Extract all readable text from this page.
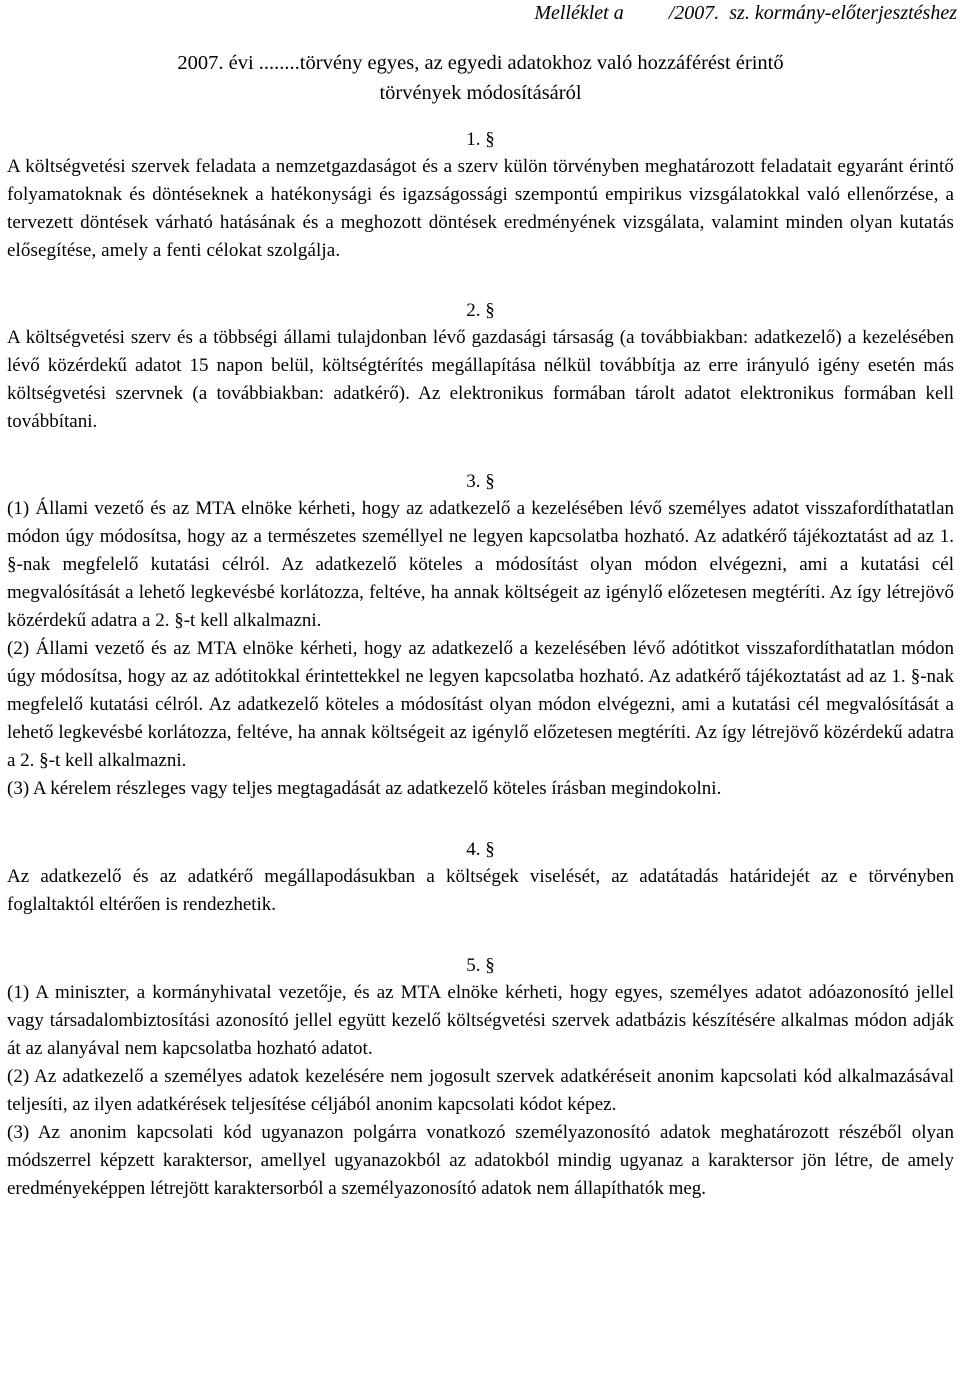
Melléklet a         /2007.  sz. kormány-előterjesztéshez
2007. évi ........törvény egyes, az egyedi adatokhoz való hozzáférést érintő
törvények módosításáról
1. §

A költségvetési szervek feladata a nemzetgazdaságot és a szerv külön törvényben meghatározott feladatait egyaránt érintő folyamatoknak és döntéseknek a hatékonysági és igazságossági szempontú empirikus vizsgálatokkal való ellenőrzése, a tervezett döntések várható hatásának és a meghozott döntések eredményének vizsgálata, valamint minden olyan kutatás elősegítése, amely a fenti célokat szolgálja.

2. §

A költségvetési szerv és a többségi állami tulajdonban lévő gazdasági társaság (a továbbiakban: adatkezelő) a kezelésében lévő közérdekű adatot 15 napon belül, költségtérítés megállapítása nélkül továbbítja az erre irányuló igény esetén más költségvetési szervnek (a továbbiakban: adatkérő). Az elektronikus formában tárolt adatot elektronikus formában kell továbbítani.

3. §

(1) Állami vezető és az MTA elnöke kérheti, hogy az adatkezelő a kezelésében lévő személyes adatot visszafordíthatatlan módon úgy módosítsa, hogy az a természetes személlyel ne legyen kapcsolatba hozható. Az adatkérő tájékoztatást ad az 1. §-nak megfelelő kutatási célról. Az adatkezelő köteles a módosítást olyan módon elvégezni, ami a kutatási cél megvalósítását a lehető legkevésbé korlátozza, feltéve, ha annak költségeit az igénylő előzetesen megtéríti. Az így létrejövő közérdekű adatra a 2. §-t kell alkalmazni.

(2) Állami vezető és az MTA elnöke kérheti, hogy az adatkezelő a kezelésében lévő adótitkot visszafordíthatatlan módon úgy módosítsa, hogy az az adótitokkal érintettekkel ne legyen kapcsolatba hozható. Az adatkérő tájékoztatást ad az 1. §-nak megfelelő kutatási célról. Az adatkezelő köteles a módosítást olyan módon elvégezni, ami a kutatási cél megvalósítását a lehető legkevésbé korlátozza, feltéve, ha annak költségeit az igénylő előzetesen megtéríti. Az így létrejövő közérdekű adatra a 2. §-t kell alkalmazni.

(3) A kérelem részleges vagy teljes megtagadását az adatkezelő köteles írásban megindokolni.

4. §

Az adatkezelő és az adatkérő megállapodásukban a költségek viselését, az adatátadás határidejét az e törvényben foglaltaktól eltérően is rendezhetik.

5. §

(1) A miniszter, a kormányhivatal vezetője, és az MTA elnöke kérheti, hogy egyes, személyes adatot adóazonosító jellel vagy társadalombiztosítási azonosító jellel együtt kezelő költségvetési szervek adatbázis készítésére alkalmas módon adják át az alanyával nem kapcsolatba hozható adatot.

(2) Az adatkezelő a személyes adatok kezelésére nem jogosult szervek adatkéréseit anonim kapcsolati kód alkalmazásával teljesíti, az ilyen adatkérések teljesítése céljából anonim kapcsolati kódot képez.

(3) Az anonim kapcsolati kód ugyanazon polgárra vonatkozó személyazonosító adatok meghatározott részéből olyan módszerrel képzett karaktersor, amellyel ugyanazokból az adatokból mindig ugyanaz a karaktersor jön létre, de amely eredményeképpen létrejött karaktersorból a személyazonosító adatok nem állapíthatók meg.
